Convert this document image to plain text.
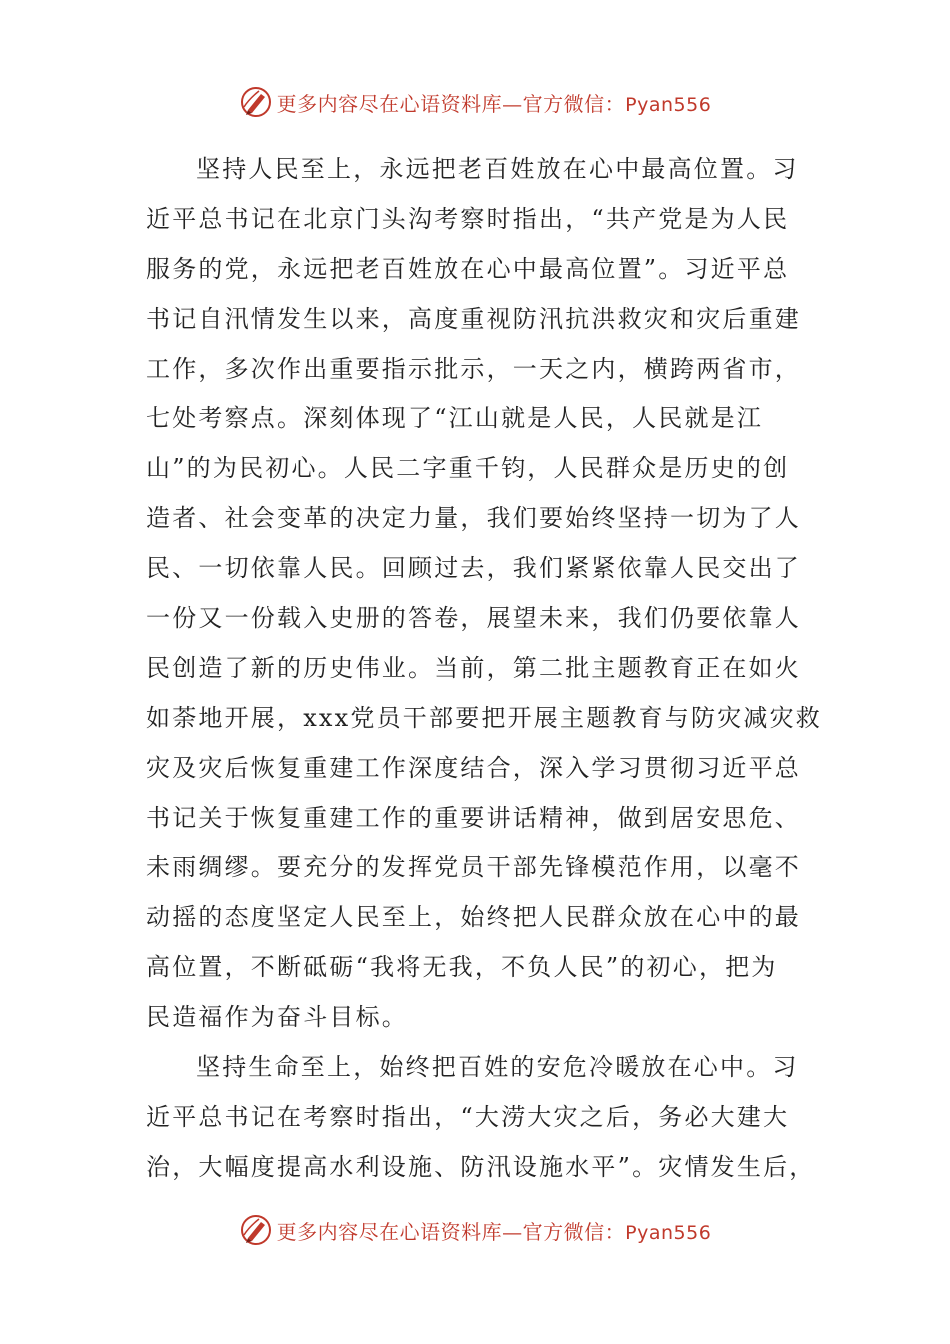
更多内容尽在心语资料库—官方微信：Pyan556
坚持人民至上，永远把老百姓放在心中最高位置。习
近平总书记在北京门头沟考察时指出，“共产党是为人民
服务的党，永远把老百姓放在心中最高位置”。习近平总
书记自汛情发生以来，高度重视防汛抗洪救灾和灾后重建
工作，多次作出重要指示批示，一天之内，横跨两省市，
七处考察点。深刻体现了“江山就是人民，人民就是江
山”的为民初心。人民二字重千钧，人民群众是历史的创
造者、社会变革的决定力量，我们要始终坚持一切为了人
民、一切依靠人民。回顾过去，我们紧紧依靠人民交出了
一份又一份载入史册的答卷，展望未来，我们仍要依靠人
民创造了新的历史伟业。当前，第二批主题教育正在如火
如荼地开展，xxx党员干部要把开展主题教育与防灾减灾救
灾及灾后恢复重建工作深度结合，深入学习贯彻习近平总
书记关于恢复重建工作的重要讲话精神，做到居安思危、
未雨绸缪。要充分的发挥党员干部先锋模范作用，以毫不
动摇的态度坚定人民至上，始终把人民群众放在心中的最
高位置，不断砥砺“我将无我，不负人民”的初心，把为
民造福作为奋斗目标。
坚持生命至上，始终把百姓的安危冷暖放在心中。习
近平总书记在考察时指出，“大涝大灾之后，务必大建大
治，大幅度提高水利设施、防汛设施水平”。灾情发生后，
更多内容尽在心语资料库—官方微信：Pyan556
